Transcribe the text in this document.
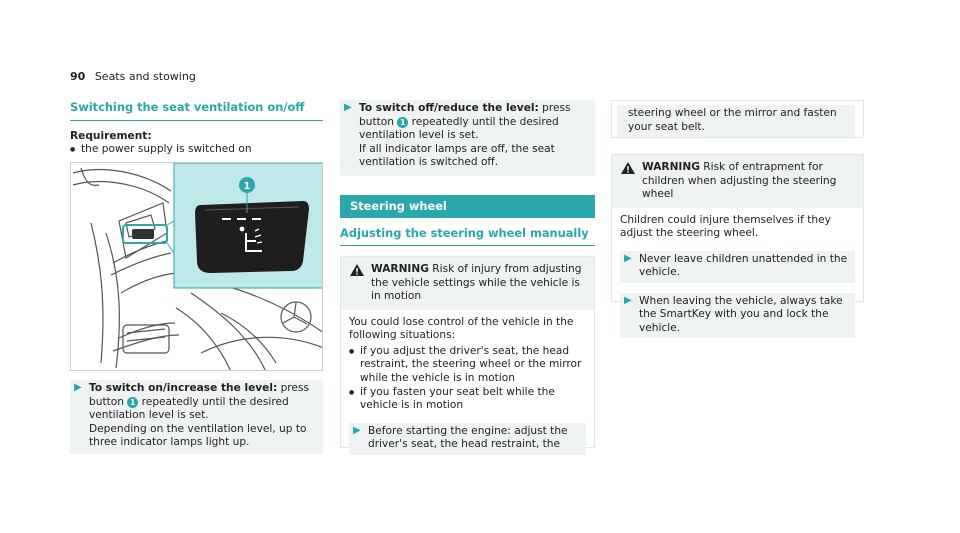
90 Seats and stowing
Switching the seat ventilation on/off
Requirement:
● the power supply is switched on
1
▶ To switch on/increase the level: press button 1 repeatedly until the desired ventilation level is set.
Depending on the ventilation level, up to three indicator lamps light up.
▶ To switch off/reduce the level: press button 1 repeatedly until the desired ventilation level is set.
If all indicator lamps are off, the seat ventilation is switched off.
Steering wheel
Adjusting the steering wheel manually
WARNING Risk of injury from adjusting the vehicle settings while the vehicle is in motion
You could lose control of the vehicle in the following situations:
● if you adjust the driver's seat, the head restraint, the steering wheel or the mirror while the vehicle is in motion
● if you fasten your seat belt while the vehicle is in motion
▶ Before starting the engine: adjust the driver's seat, the head restraint, the
steering wheel or the mirror and fasten your seat belt.
WARNING Risk of entrapment for children when adjusting the steering wheel
Children could injure themselves if they adjust the steering wheel.
▶ Never leave children unattended in the vehicle.
▶ When leaving the vehicle, always take the SmartKey with you and lock the vehicle.
